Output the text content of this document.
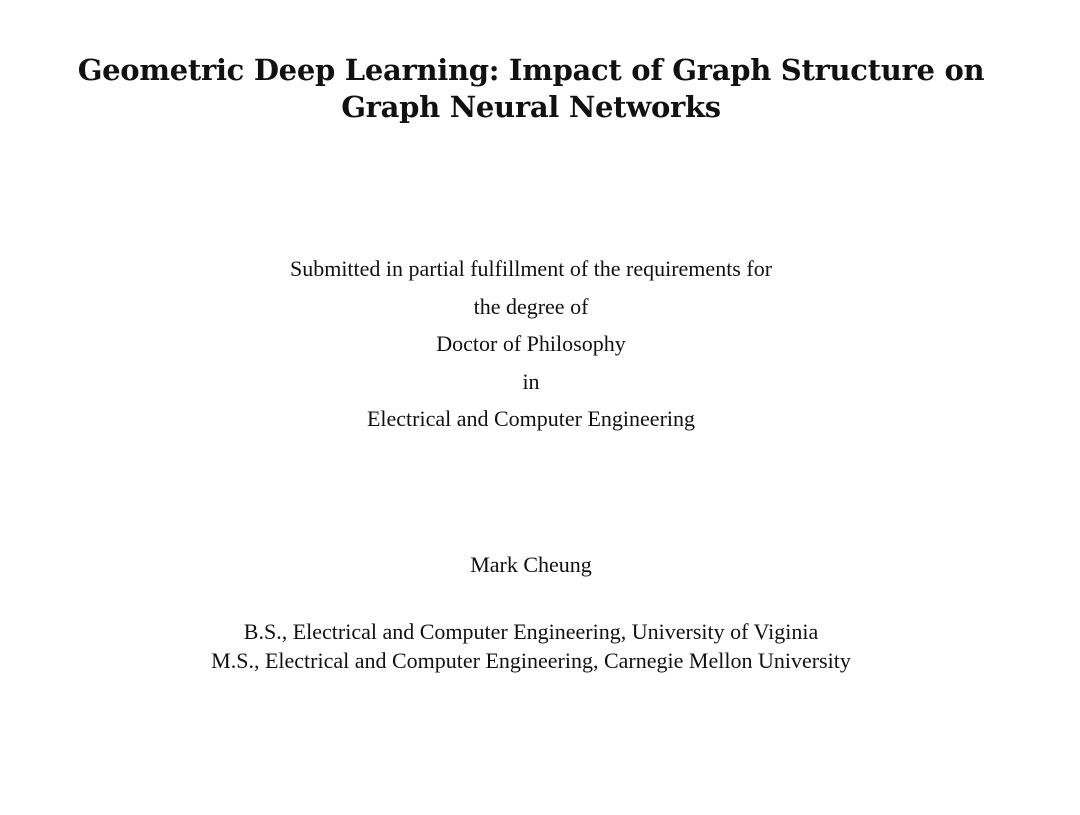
Geometric Deep Learning: Impact of Graph Structure on
Graph Neural Networks
Submitted in partial fulfillment of the requirements for
the degree of
Doctor of Philosophy
in
Electrical and Computer Engineering
Mark Cheung
B.S., Electrical and Computer Engineering, University of Viginia
M.S., Electrical and Computer Engineering, Carnegie Mellon University
